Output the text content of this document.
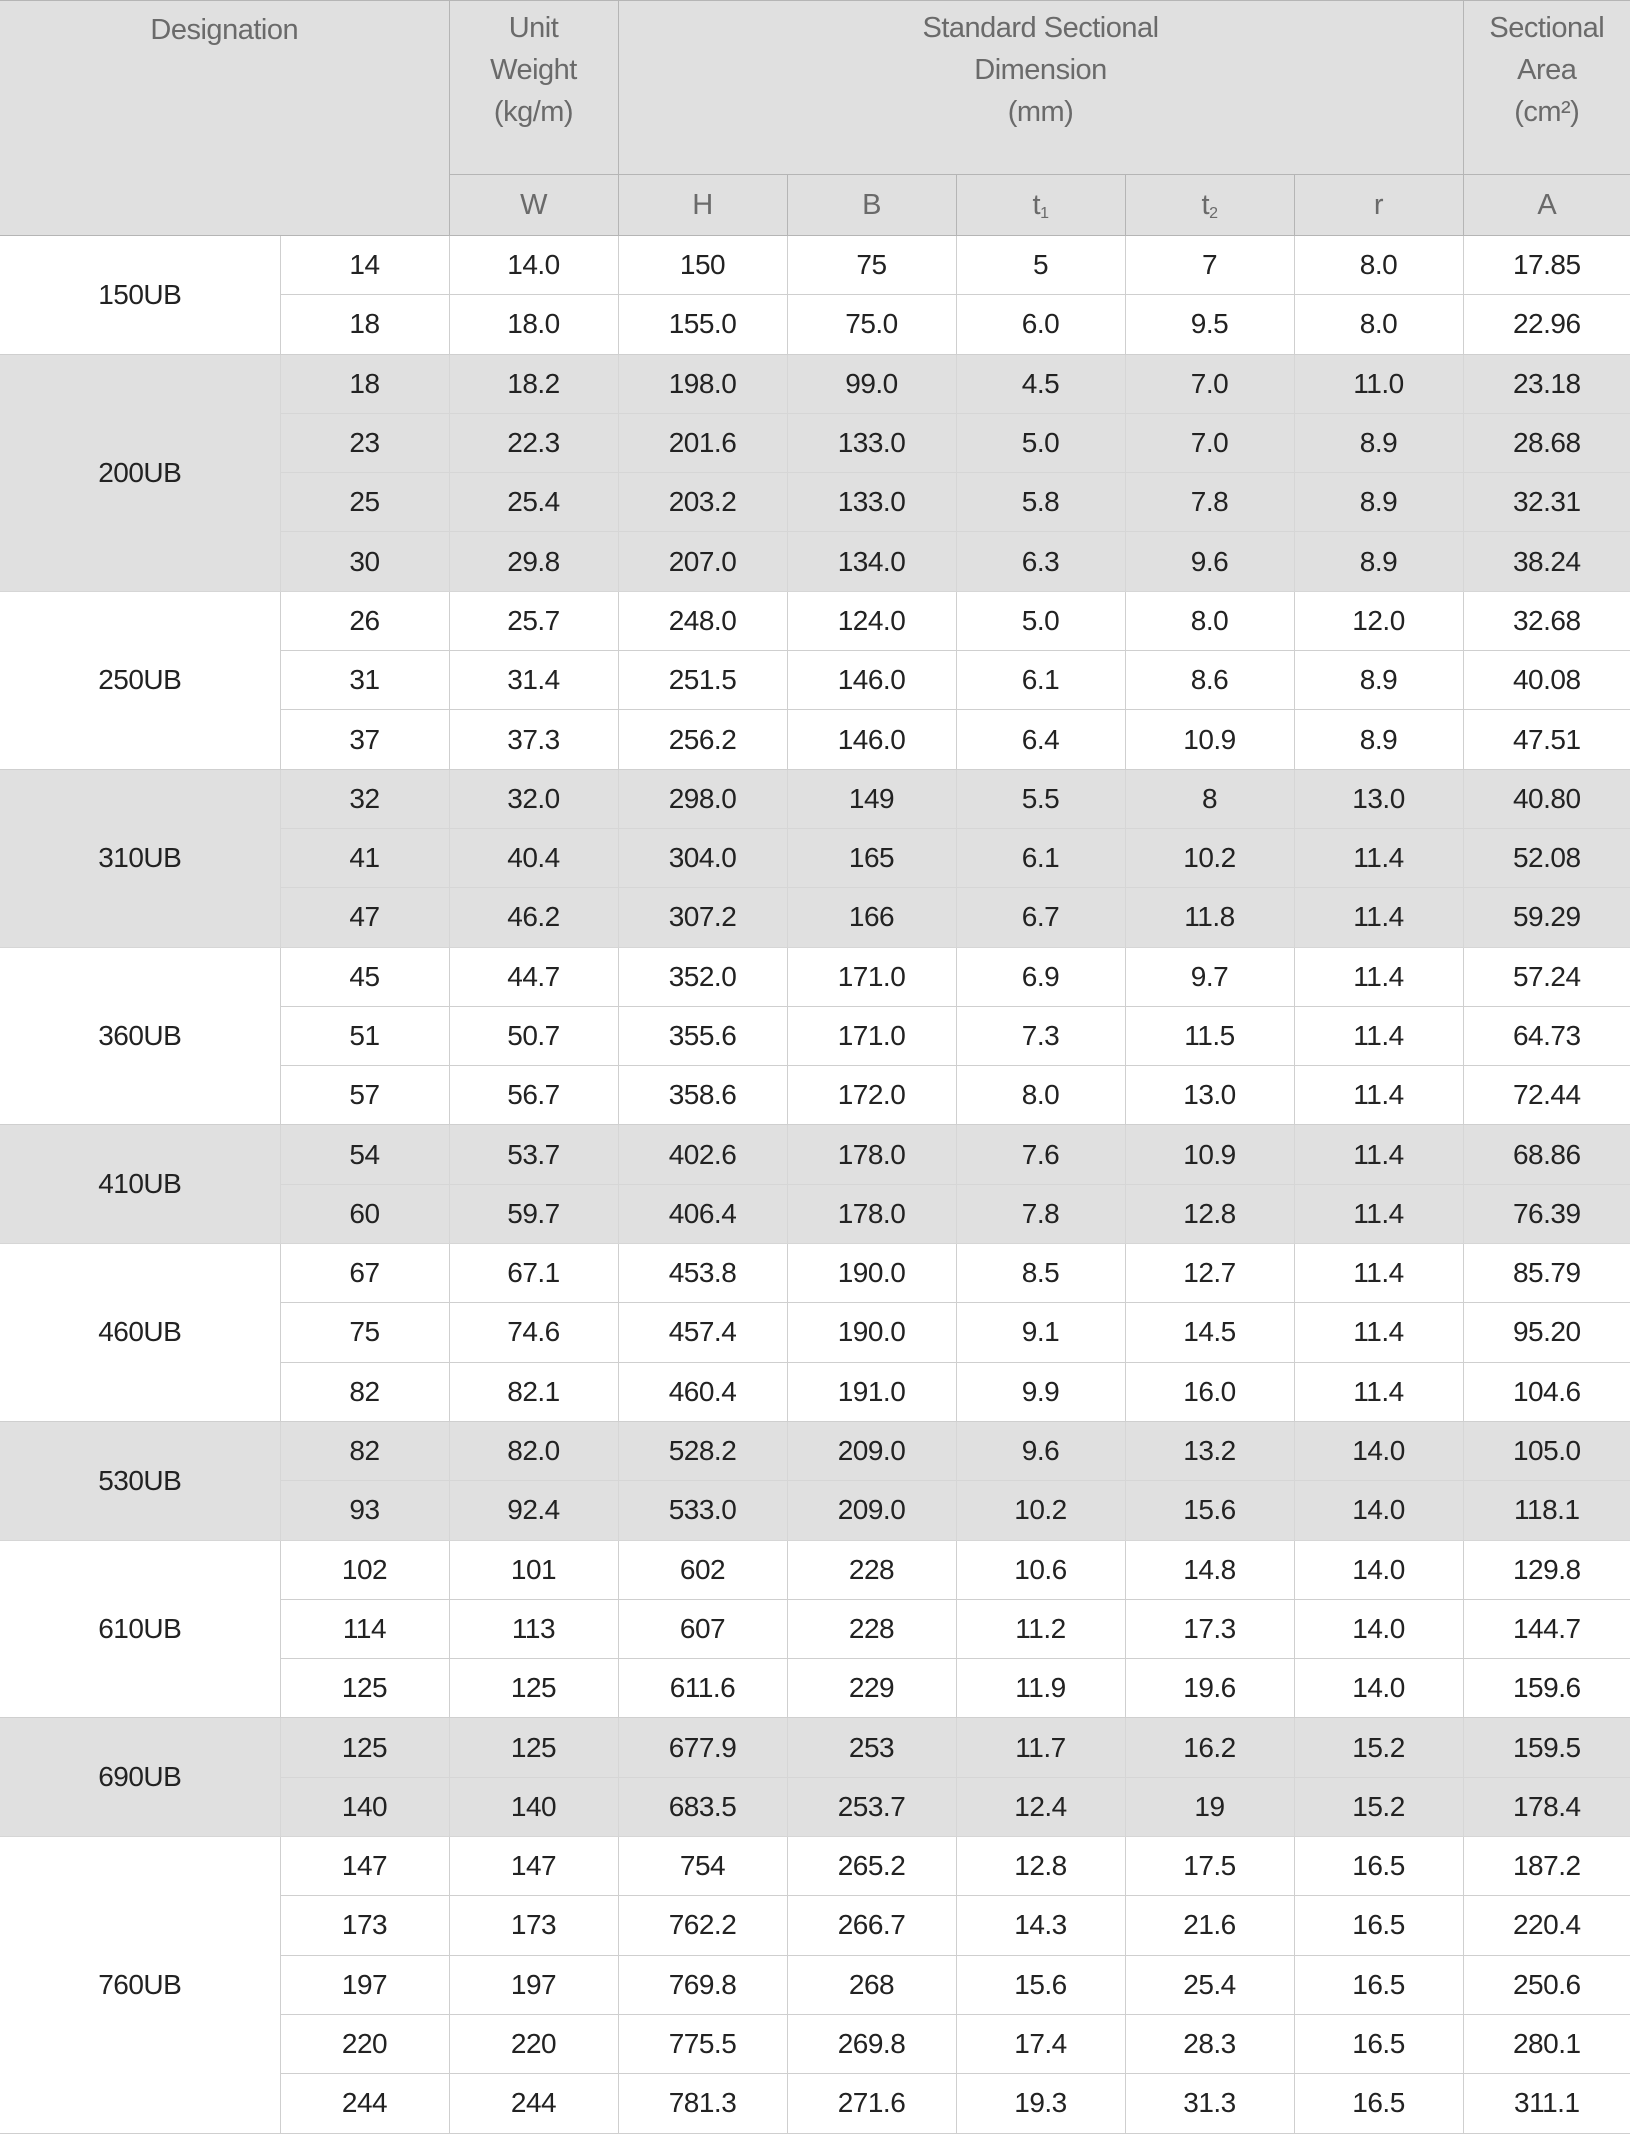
Designation		Unit
Weight
(kg/m)	Standard Sectional
Dimension
(mm)					Sectional
Area
(cm²)

		W	H	B	$t_1$	$t_2$	r	A
150UB	14	14.0	150	75	5	7	8.0	17.85
	18	18.0	155.0	75.0	6.0	9.5	8.0	22.96
200UB	18	18.2	198.0	99.0	4.5	7.0	11.0	23.18
	23	22.3	201.6	133.0	5.0	7.0	8.9	28.68
	25	25.4	203.2	133.0	5.8	7.8	8.9	32.31
	30	29.8	207.0	134.0	6.3	9.6	8.9	38.24
250UB	26	25.7	248.0	124.0	5.0	8.0	12.0	32.68
	31	31.4	251.5	146.0	6.1	8.6	8.9	40.08
	37	37.3	256.2	146.0	6.4	10.9	8.9	47.51
310UB	32	32.0	298.0	149	5.5	8	13.0	40.80
	41	40.4	304.0	165	6.1	10.2	11.4	52.08
	47	46.2	307.2	166	6.7	11.8	11.4	59.29
360UB	45	44.7	352.0	171.0	6.9	9.7	11.4	57.24
	51	50.7	355.6	171.0	7.3	11.5	11.4	64.73
	57	56.7	358.6	172.0	8.0	13.0	11.4	72.44
410UB	54	53.7	402.6	178.0	7.6	10.9	11.4	68.86
	60	59.7	406.4	178.0	7.8	12.8	11.4	76.39
460UB	67	67.1	453.8	190.0	8.5	12.7	11.4	85.79
	75	74.6	457.4	190.0	9.1	14.5	11.4	95.20
	82	82.1	460.4	191.0	9.9	16.0	11.4	104.6
530UB	82	82.0	528.2	209.0	9.6	13.2	14.0	105.0
	93	92.4	533.0	209.0	10.2	15.6	14.0	118.1
610UB	102	101	602	228	10.6	14.8	14.0	129.8
	114	113	607	228	11.2	17.3	14.0	144.7
	125	125	611.6	229	11.9	19.6	14.0	159.6
690UB	125	125	677.9	253	11.7	16.2	15.2	159.5
	140	140	683.5	253.7	12.4	19	15.2	178.4
760UB	147	147	754	265.2	12.8	17.5	16.5	187.2
	173	173	762.2	266.7	14.3	21.6	16.5	220.4
	197	197	769.8	268	15.6	25.4	16.5	250.6
	220	220	775.5	269.8	17.4	28.3	16.5	280.1
	244	244	781.3	271.6	19.3	31.3	16.5	311.1
